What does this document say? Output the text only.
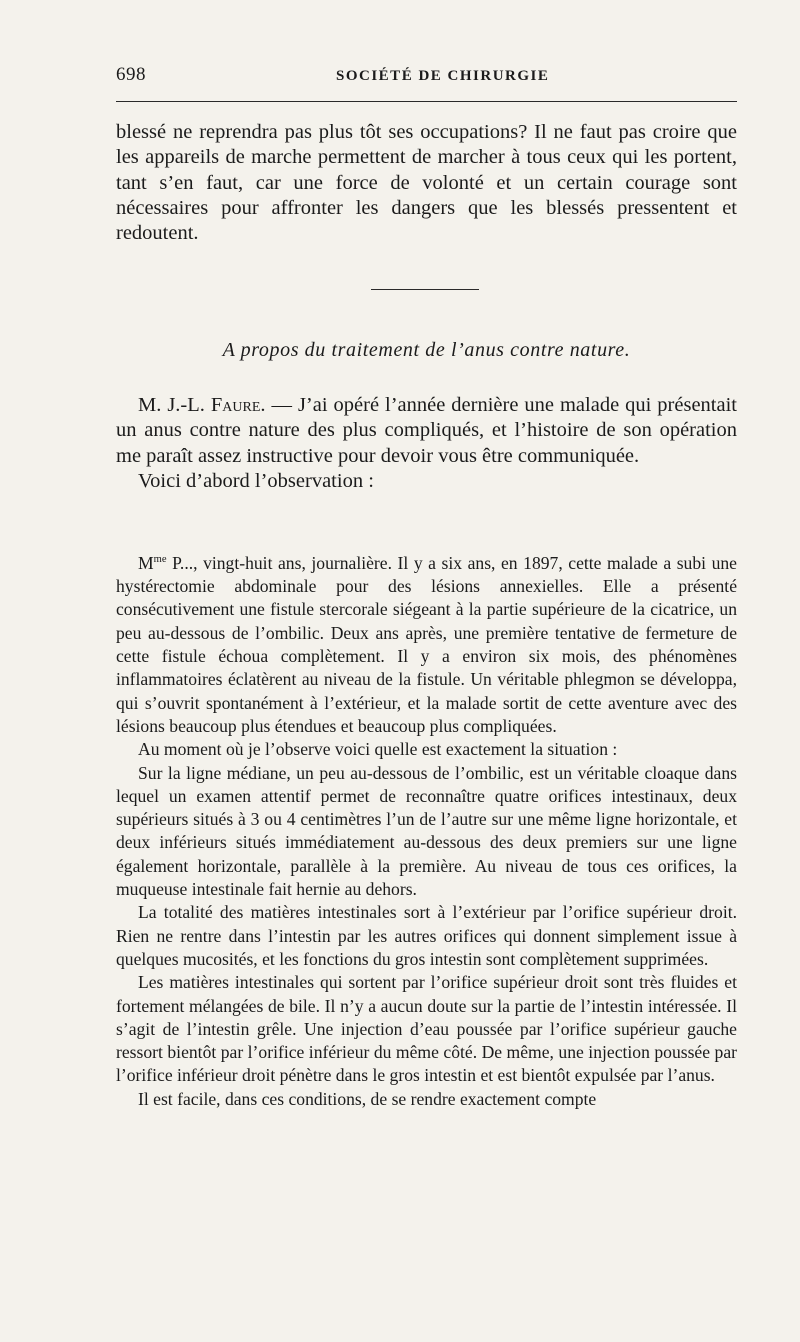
698	SOCIÉTÉ DE CHIRURGIE

blessé ne reprendra pas plus tôt ses occupations? Il ne faut pas croire que les appareils de marche permettent de marcher à tous ceux qui les portent, tant s’en faut, car une force de volonté et un certain courage sont nécessaires pour affronter les dangers que les blessés pressentent et redoutent.

A propos du traitement de l’anus contre nature.

M. J.-L. Faure. — J’ai opéré l’année dernière une malade qui présentait un anus contre nature des plus compliqués, et l’histoire de son opération me paraît assez instructive pour devoir vous être communiquée.

Voici d’abord l’observation :

$M^{me}$ P..., vingt-huit ans, journalière. Il y a six ans, en 1897, cette malade a subi une hystérectomie abdominale pour des lésions annexielles. Elle a présenté consécutivement une fistule stercorale siégeant à la partie supérieure de la cicatrice, un peu au-dessous de l’ombilic. Deux ans après, une première tentative de fermeture de cette fistule échoua complètement. Il y a environ six mois, des phénomènes inflammatoires éclatèrent au niveau de la fistule. Un véritable phlegmon se développa, qui s’ouvrit spontanément à l’extérieur, et la malade sortit de cette aventure avec des lésions beaucoup plus étendues et beaucoup plus compliquées.

Au moment où je l’observe voici quelle est exactement la situation :

Sur la ligne médiane, un peu au-dessous de l’ombilic, est un véritable cloaque dans lequel un examen attentif permet de reconnaître quatre orifices intestinaux, deux supérieurs situés à 3 ou 4 centimètres l’un de l’autre sur une même ligne horizontale, et deux inférieurs situés immédiatement au-dessous des deux premiers sur une ligne également horizontale, parallèle à la première. Au niveau de tous ces orifices, la muqueuse intestinale fait hernie au dehors.

La totalité des matières intestinales sort à l’extérieur par l’orifice supérieur droit. Rien ne rentre dans l’intestin par les autres orifices qui donnent simplement issue à quelques mucosités, et les fonctions du gros intestin sont complètement supprimées.

Les matières intestinales qui sortent par l’orifice supérieur droit sont très fluides et fortement mélangées de bile. Il n’y a aucun doute sur la partie de l’intestin intéressée. Il s’agit de l’intestin grêle. Une injection d’eau poussée par l’orifice supérieur gauche ressort bientôt par l’orifice inférieur du même côté. De même, une injection poussée par l’orifice inférieur droit pénètre dans le gros intestin et est bientôt expulsée par l’anus.

Il est facile, dans ces conditions, de se rendre exactement compte
